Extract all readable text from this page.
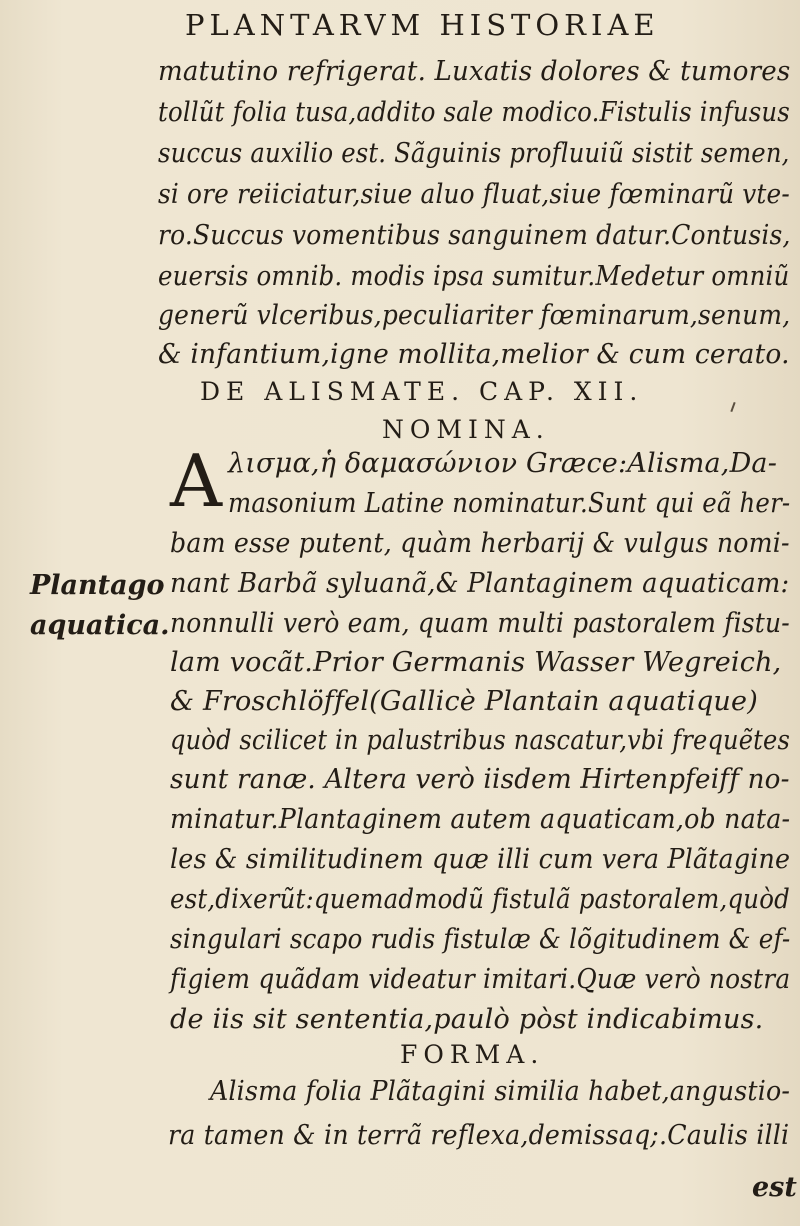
PLANTARVM HISTORIAE
matutino refrigerat. Luxatis dolores & tumores
tollũt folia tusa,addito sale modico.Fistulis infusus
succus auxilio est. Sãguinis profluuiũ sistit semen,
si ore reiiciatur,siue aluo fluat,siue fœminarũ vte-
ro.Succus vomentibus sanguinem datur.Contusis,
euersis omnib. modis ipsa sumitur.Medetur omniũ
generũ vlceribus,peculiariter fœminarum,senum,
& infantium,igne mollita,melior & cum cerato.
DE ALISMATE. CAP. XII.
NOMINA.
A λισμα,ἡ δαμασώνιον Græce:Alisma,Da-
masonium Latine nominatur.Sunt qui eã her-
bam esse putent, quàm herbarij & vulgus nomi-
nant Barbã syluanã,& Plantaginem aquaticam:
nonnulli verò eam, quam multi pastoralem fistu-
lam vocãt.Prior Germanis Wasser Wegreich,
& Froschlöffel(Gallicè Plantain aquatique)
quòd scilicet in palustribus nascatur,vbi frequẽtes
sunt ranæ. Altera verò iisdem Hirtenpfeiff no-
minatur.Plantaginem autem aquaticam,ob nata-
les & similitudinem quæ illi cum vera Plãtagine
est,dixerũt:quemadmodũ fistulã pastoralem,quòd
singulari scapo rudis fistulæ & lõgitudinem & ef-
figiem quãdam videatur imitari.Quæ verò nostra
de iis sit sententia,paulò pòst indicabimus.
Plantago
aquatica.
FORMA.
Alisma folia Plãtagini similia habet,angustio-
ra tamen & in terrã reflexa,demissaq;.Caulis illi
est
